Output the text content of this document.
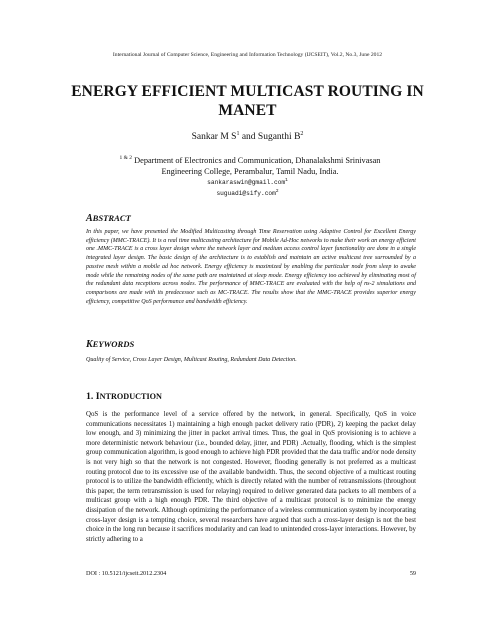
International Journal of Computer Science, Engineering and Information Technology (IJCSEIT), Vol.2, No.3, June 2012
ENERGY EFFICIENT MULTICAST ROUTING IN MANET
Sankar M $S^1$ and Suganthi $B^2$
$^{1 \& 2}$ Department of Electronics and Communication, Dhanalakshmi Srinivasan Engineering College, Perambalur, Tamil Nadu, India.
sankaraswin@gmail.com$^1$
suguadi@sify.com$^2$
ABSTRACT
In this paper, we have presented the Modified Multicasting through Time Reservation using Adaptive Control for Excellent Energy efficiency (MMC-TRACE). It is a real time multicasting architecture for Mobile Ad-Hoc networks to make their work an energy efficient one .MMC-TRACE is a cross layer design where the network layer and medium access control layer functionality are done in a single integrated layer design. The basic design of the architecture is to establish and maintain an active multicast tree surrounded by a passive mesh within a mobile ad hoc network. Energy efficiency is maximized by enabling the particular node from sleep to awake mode while the remaining nodes of the same path are maintained at sleep mode. Energy efficiency too achieved by eliminating most of the redundant data receptions across nodes. The performance of MMC-TRACE are evaluated with the help of ns-2 simulations and comparisons are made with its predecessor such as MC-TRACE. The results show that the MMC-TRACE provides superior energy efficiency, competitive QoS performance and bandwidth efficiency.
KEYWORDS
Quality of Service, Cross Layer Design, Multicast Routing, Redundant Data Detection.
1. INTRODUCTION
QoS is the performance level of a service offered by the network, in general. Specifically, QoS in voice communications necessitates 1) maintaining a high enough packet delivery ratio (PDR), 2) keeping the packet delay low enough, and 3) minimizing the jitter in packet arrival times. Thus, the goal in QoS provisioning is to achieve a more deterministic network behaviour (i.e., bounded delay, jitter, and PDR) .Actually, flooding, which is the simplest group communication algorithm, is good enough to achieve high PDR provided that the data traffic and/or node density is not very high so that the network is not congested. However, flooding generally is not preferred as a multicast routing protocol due to its excessive use of the available bandwidth. Thus, the second objective of a multicast routing protocol is to utilize the bandwidth efficiently, which is directly related with the number of retransmissions (throughout this paper, the term retransmission is used for relaying) required to deliver generated data packets to all members of a multicast group with a high enough PDR. The third objective of a multicast protocol is to minimize the energy dissipation of the network. Although optimizing the performance of a wireless communication system by incorporating cross-layer design is a tempting choice, several researchers have argued that such a cross-layer design is not the best choice in the long run because it sacrifices modularity and can lead to unintended cross-layer interactions. However, by strictly adhering to a
DOI : 10.5121/ijcseit.2012.2304	59
